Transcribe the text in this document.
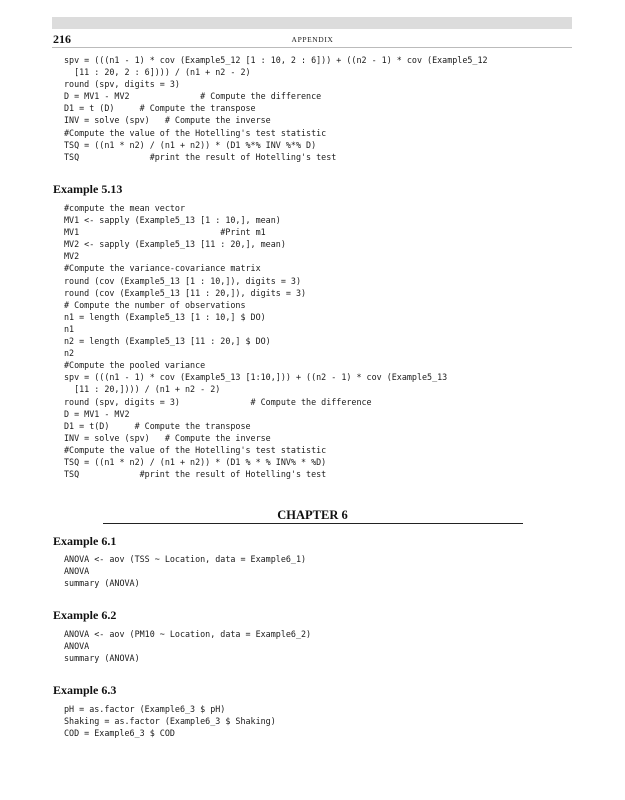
216	APPENDIX
spv = (((n1 - 1) * cov (Example5_12 [1 : 10, 2 : 6])) + ((n2 - 1) * cov (Example5_12
[11 : 20, 2 : 6]))) / (n1 + n2 - 2)
round (spv, digits = 3)
D = MV1 - MV2              # Compute the difference
D1 = t (D)     # Compute the transpose
INV = solve (spv)   # Compute the inverse
#Compute the value of the Hotelling's test statistic
TSQ = ((n1 * n2) / (n1 + n2)) * (D1 %*% INV %*% D)
TSQ              #print the result of Hotelling's test
Example 5.13
#compute the mean vector
MV1 <- sapply (Example5_13 [1 : 10,], mean)
MV1                            #Print m1
MV2 <- sapply (Example5_13 [11 : 20,], mean)
MV2
#Compute the variance-covariance matrix
round (cov (Example5_13 [1 : 10,]), digits = 3)
round (cov (Example5_13 [11 : 20,]), digits = 3)
# Compute the number of observations
n1 = length (Example5_13 [1 : 10,] $ DO)
n1
n2 = length (Example5_13 [11 : 20,] $ DO)
n2
#Compute the pooled variance
spv = (((n1 - 1) * cov (Example5_13 [1:10,])) + ((n2 - 1) * cov (Example5_13
[11 : 20,]))) / (n1 + n2 - 2)
round (spv, digits = 3)              # Compute the difference
D = MV1 - MV2
D1 = t(D)     # Compute the transpose
INV = solve (spv)   # Compute the inverse
#Compute the value of the Hotelling's test statistic
TSQ = ((n1 * n2) / (n1 + n2)) * (D1 % * % INV% * %D)
TSQ            #print the result of Hotelling's test
CHAPTER 6
Example 6.1
ANOVA <- aov (TSS ~ Location, data = Example6_1)
ANOVA
summary (ANOVA)
Example 6.2
ANOVA <- aov (PM10 ~ Location, data = Example6_2)
ANOVA
summary (ANOVA)
Example 6.3
pH = as.factor (Example6_3 $ pH)
Shaking = as.factor (Example6_3 $ Shaking)
COD = Example6_3 $ COD
